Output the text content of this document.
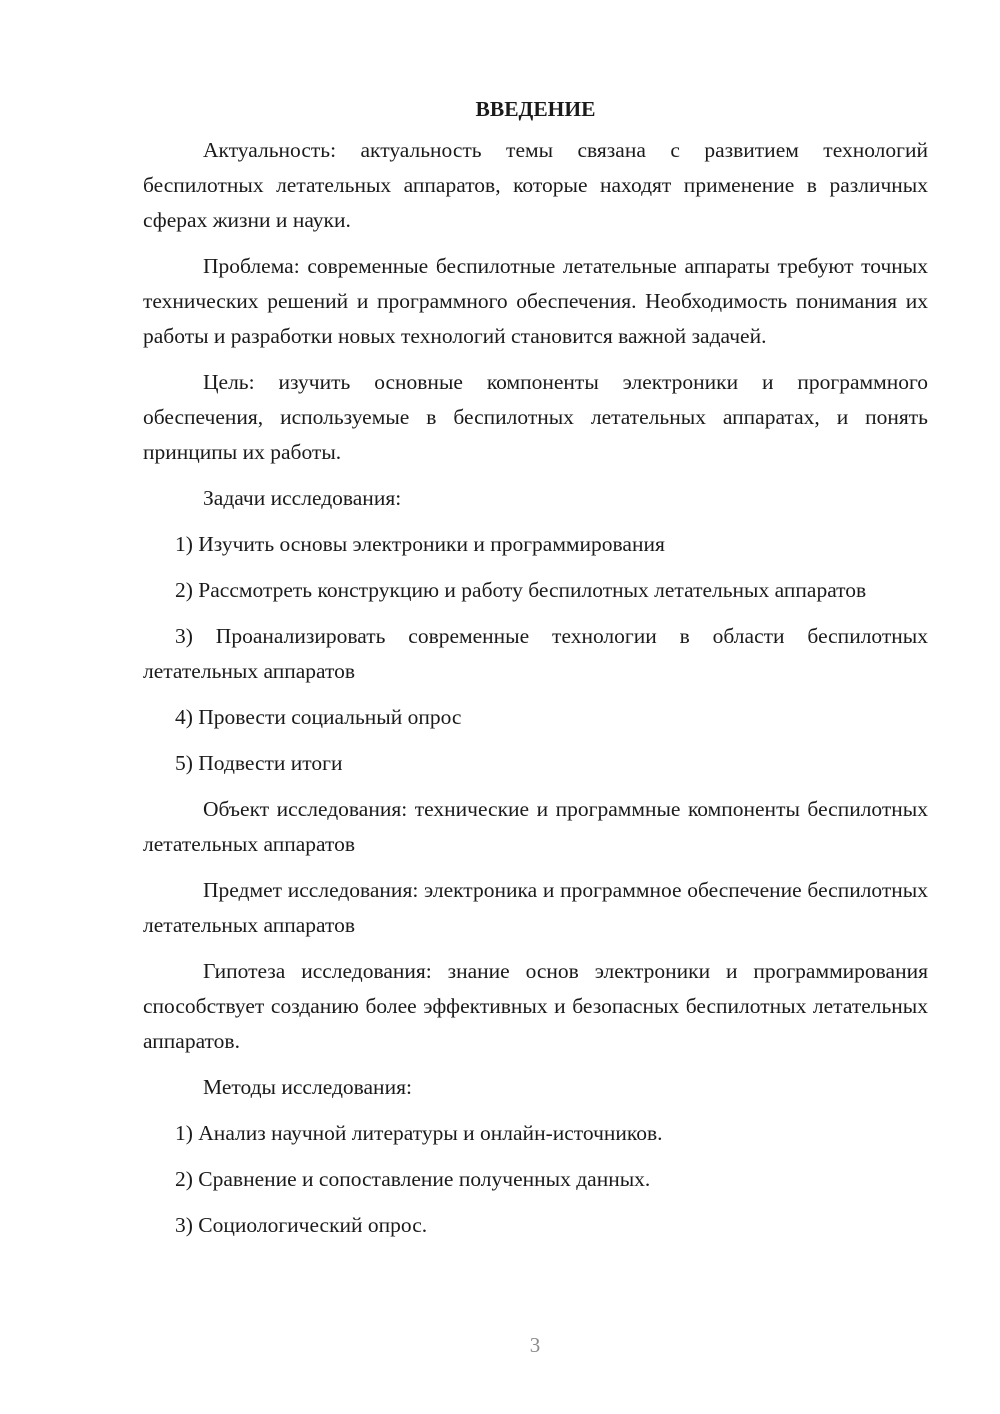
ВВЕДЕНИЕ

Актуальность: актуальность темы связана с развитием технологий беспилотных летательных аппаратов, которые находят применение в различных сферах жизни и науки.

Проблема: современные беспилотные летательные аппараты требуют точных технических решений и программного обеспечения. Необходимость понимания их работы и разработки новых технологий становится важной задачей.

Цель: изучить основные компоненты электроники и программного обеспечения, используемые в беспилотных летательных аппаратах, и понять принципы их работы.

Задачи исследования:

1) Изучить основы электроники и программирования

2) Рассмотреть конструкцию и работу беспилотных летательных аппаратов

3) Проанализировать современные технологии в области беспилотных летательных аппаратов

4) Провести социальный опрос

5) Подвести итоги

Объект исследования: технические и программные компоненты беспилотных летательных аппаратов

Предмет исследования: электроника и программное обеспечение беспилотных летательных аппаратов

Гипотеза исследования: знание основ электроники и программирования способствует созданию более эффективных и безопасных беспилотных летательных аппаратов.

Методы исследования:

1) Анализ научной литературы и онлайн-источников.

2) Сравнение и сопоставление полученных данных.

3) Социологический опрос.

3
